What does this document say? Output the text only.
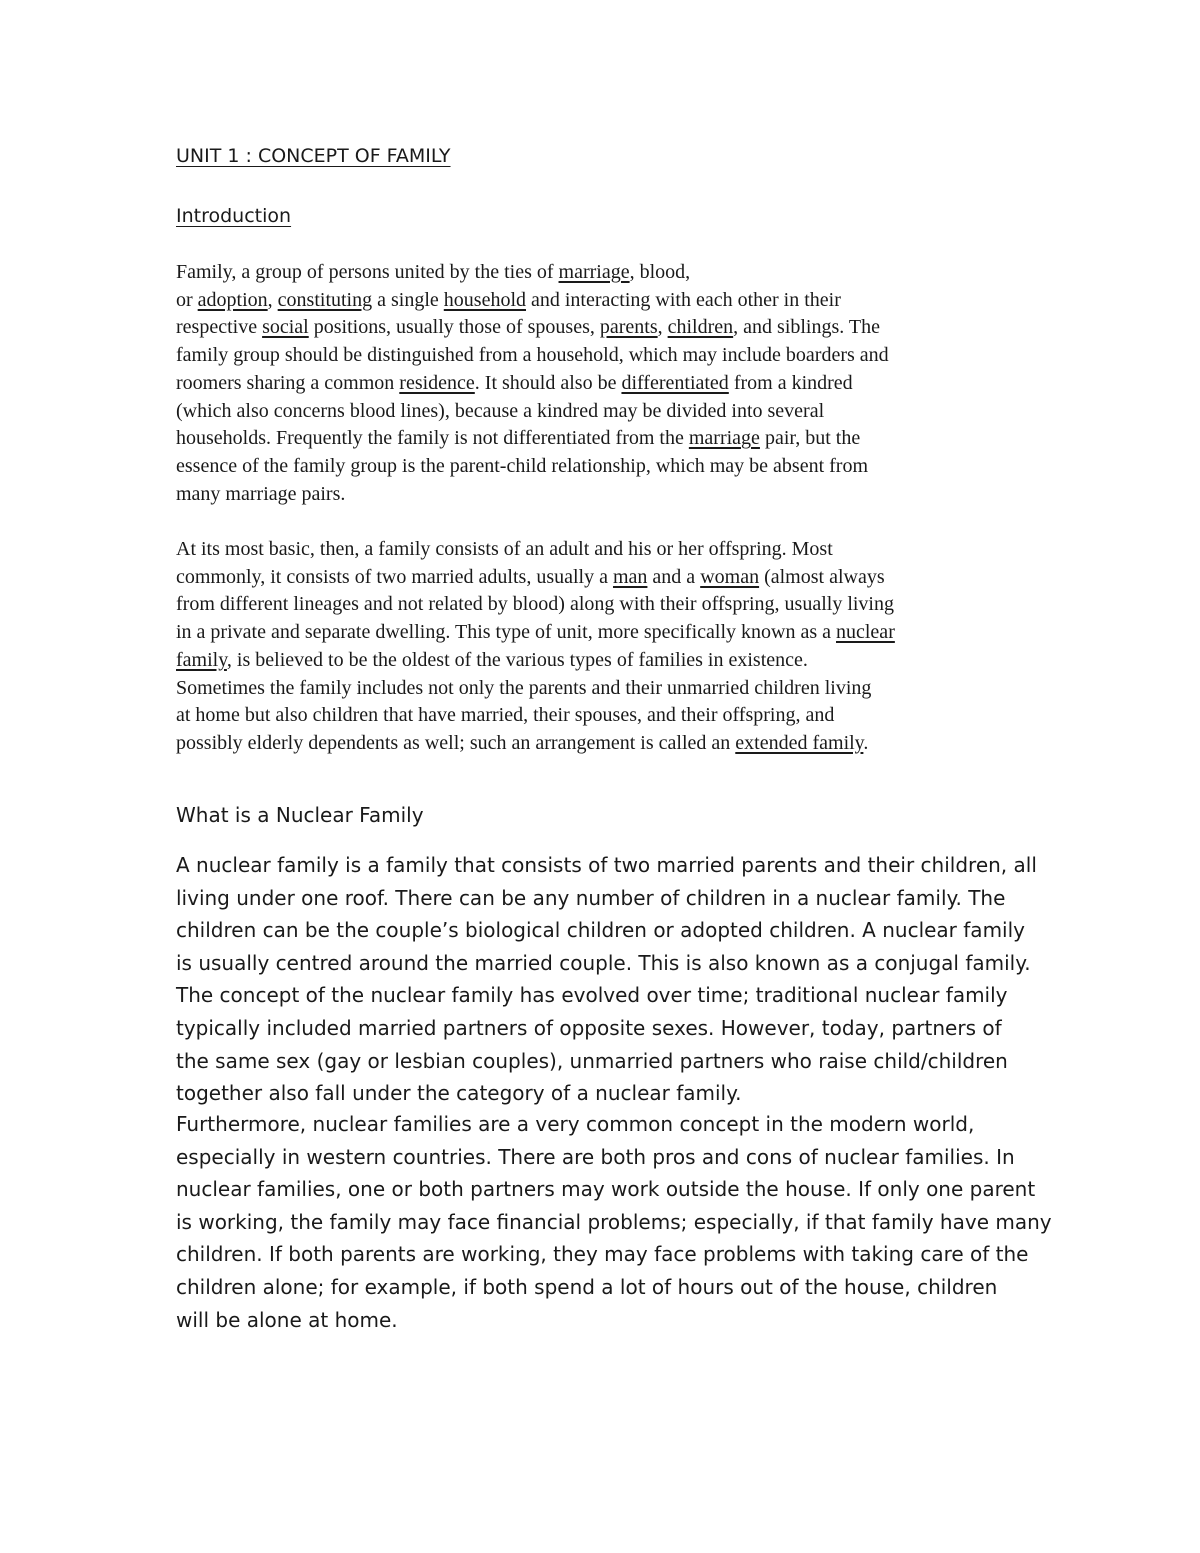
UNIT 1 : CONCEPT OF FAMILY
Introduction

Family, a group of persons united by the ties of marriage, blood,
or adoption, constituting a single household and interacting with each other in their
respective social positions, usually those of spouses, parents, children, and siblings. The
family group should be distinguished from a household, which may include boarders and
roomers sharing a common residence. It should also be differentiated from a kindred
(which also concerns blood lines), because a kindred may be divided into several
households. Frequently the family is not differentiated from the marriage pair, but the
essence of the family group is the parent-child relationship, which may be absent from
many marriage pairs.

At its most basic, then, a family consists of an adult and his or her offspring. Most
commonly, it consists of two married adults, usually a man and a woman (almost always
from different lineages and not related by blood) along with their offspring, usually living
in a private and separate dwelling. This type of unit, more specifically known as a nuclear
family, is believed to be the oldest of the various types of families in existence.
Sometimes the family includes not only the parents and their unmarried children living
at home but also children that have married, their spouses, and their offspring, and
possibly elderly dependents as well; such an arrangement is called an extended family.

What is a Nuclear Family

A nuclear family is a family that consists of two married parents and their children, all
living under one roof. There can be any number of children in a nuclear family. The
children can be the couple’s biological children or adopted children. A nuclear family
is usually centred around the married couple. This is also known as a conjugal family.
The concept of the nuclear family has evolved over time; traditional nuclear family
typically included married partners of opposite sexes. However, today, partners of
the same sex (gay or lesbian couples), unmarried partners who raise child/children
together also fall under the category of a nuclear family.

Furthermore, nuclear families are a very common concept in the modern world,
especially in western countries. There are both pros and cons of nuclear families. In
nuclear families, one or both partners may work outside the house. If only one parent
is working, the family may face financial problems; especially, if that family have many
children. If both parents are working, they may face problems with taking care of the
children alone; for example, if both spend a lot of hours out of the house, children
will be alone at home.
